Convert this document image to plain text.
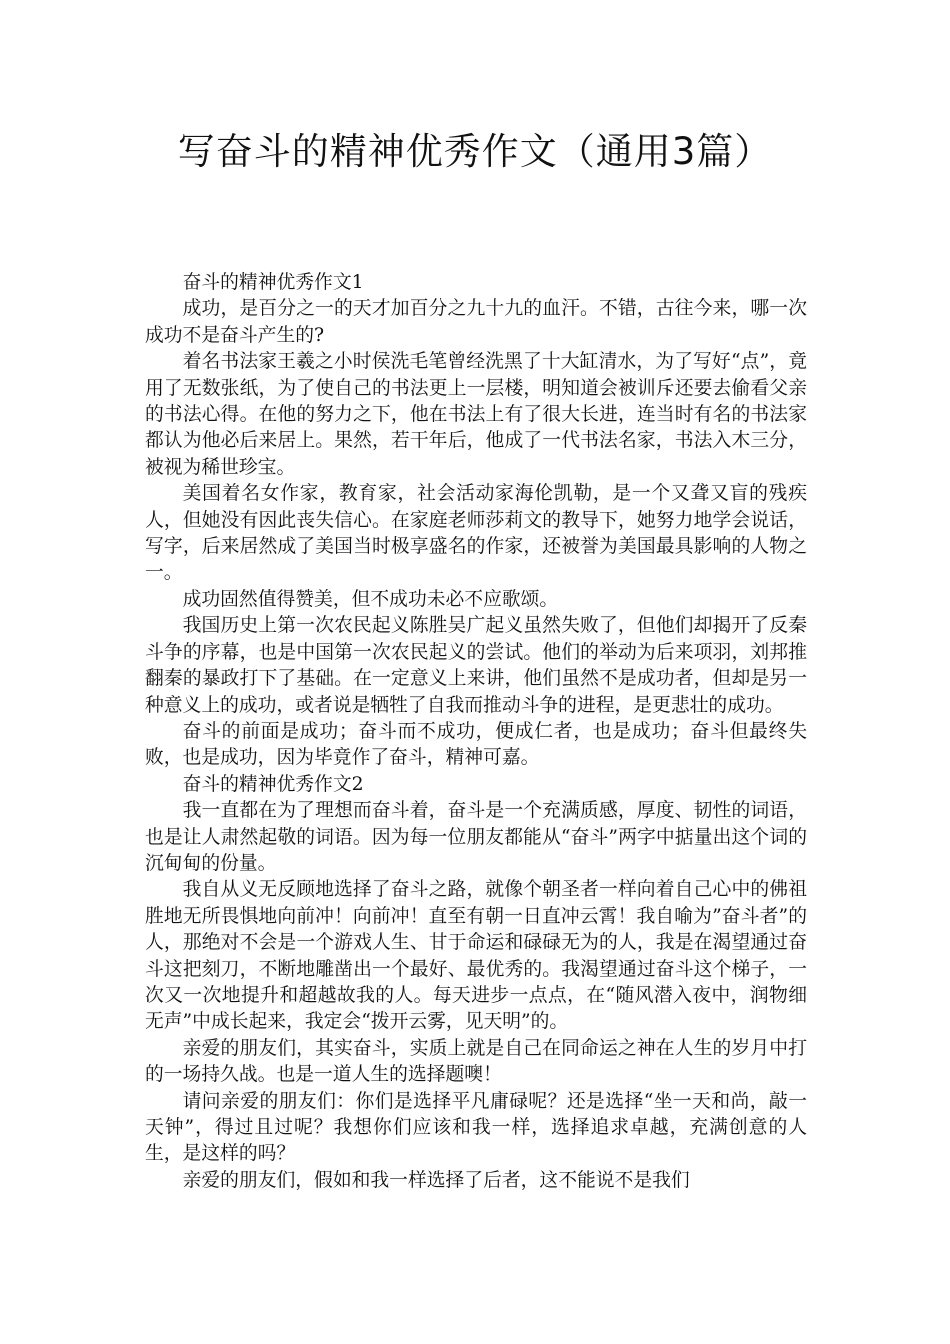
写奋斗的精神优秀作文（通用3篇）

奋斗的精神优秀作文1

成功，是百分之一的天才加百分之九十九的血汗。不错，古往今来，哪一次成功不是奋斗产生的?

着名书法家王羲之小时侯洗毛笔曾经洗黑了十大缸清水，为了写好“点”，竟用了无数张纸，为了使自己的书法更上一层楼，明知道会被训斥还要去偷看父亲的书法心得。在他的努力之下，他在书法上有了很大长进，连当时有名的书法家都认为他必后来居上。果然，若干年后，他成了一代书法名家，书法入木三分，被视为稀世珍宝。

美国着名女作家，教育家，社会活动家海伦凯勒，是一个又聋又盲的残疾人，但她没有因此丧失信心。在家庭老师莎莉文的教导下，她努力地学会说话，写字，后来居然成了美国当时极享盛名的作家，还被誉为美国最具影响的人物之一。

成功固然值得赞美，但不成功未必不应歌颂。

我国历史上第一次农民起义陈胜吴广起义虽然失败了，但他们却揭开了反秦斗争的序幕，也是中国第一次农民起义的尝试。他们的举动为后来项羽，刘邦推翻秦的暴政打下了基础。在一定意义上来讲，他们虽然不是成功者，但却是另一种意义上的成功，或者说是牺牲了自我而推动斗争的进程，是更悲壮的成功。

奋斗的前面是成功；奋斗而不成功，便成仁者，也是成功；奋斗但最终失败，也是成功，因为毕竟作了奋斗，精神可嘉。

奋斗的精神优秀作文2

我一直都在为了理想而奋斗着，奋斗是一个充满质感，厚度、韧性的词语，也是让人肃然起敬的词语。因为每一位朋友都能从“奋斗”两字中掂量出这个词的沉甸甸的份量。

我自从义无反顾地选择了奋斗之路，就像个朝圣者一样向着自己心中的佛祖胜地无所畏惧地向前冲！向前冲！直至有朝一日直冲云霄！我自喻为”奋斗者”的人，那绝对不会是一个游戏人生、甘于命运和碌碌无为的人，我是在渴望通过奋斗这把刻刀，不断地雕凿出一个最好、最优秀的。我渴望通过奋斗这个梯子，一次又一次地提升和超越故我的人。每天进步一点点，在“随风潜入夜中，润物细无声”中成长起来，我定会“拨开云雾，见天明”的。

亲爱的朋友们，其实奋斗，实质上就是自己在同命运之神在人生的岁月中打的一场持久战。也是一道人生的选择题噢！

请问亲爱的朋友们：你们是选择平凡庸碌呢？还是选择“坐一天和尚，敲一天钟”，得过且过呢？我想你们应该和我一样，选择追求卓越，充满创意的人生，是这样的吗？

亲爱的朋友们，假如和我一样选择了后者，这不能说不是我们
